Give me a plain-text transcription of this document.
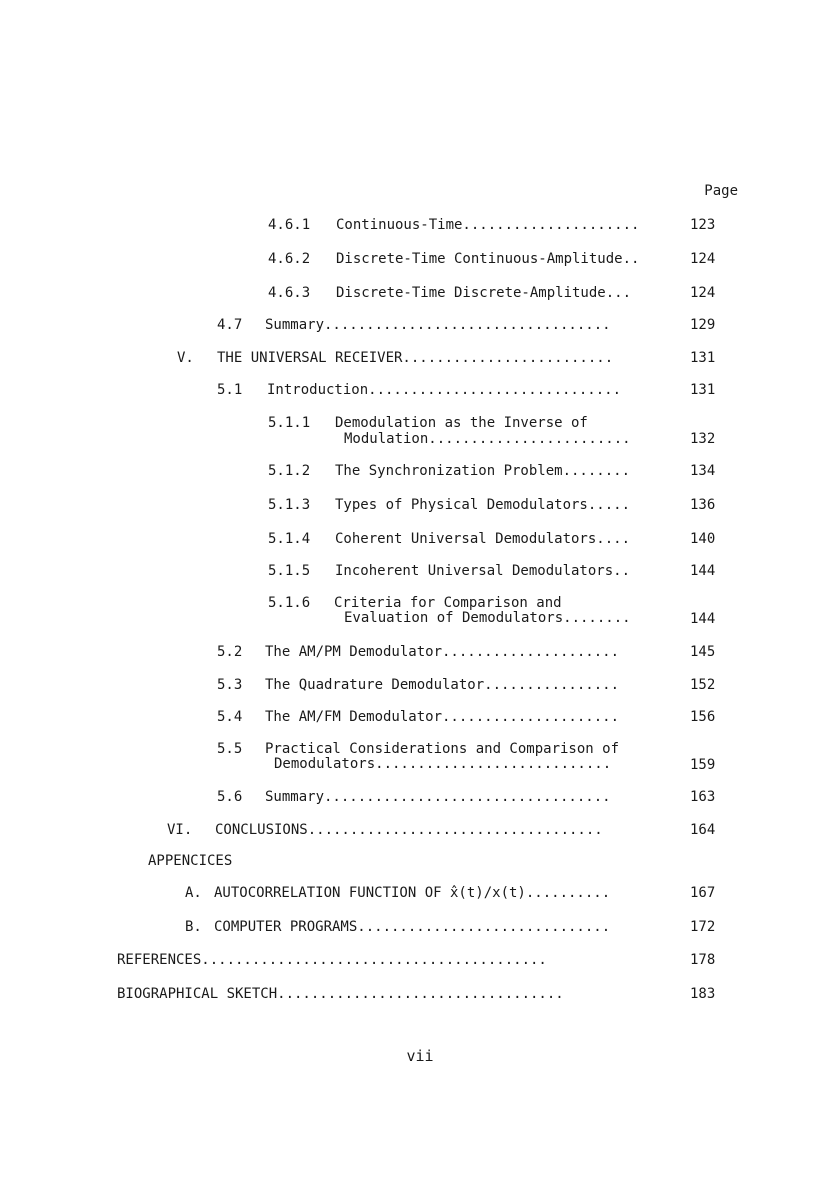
Page
4.6.1 Continuous-Time.....................	123
4.6.2 Discrete-Time Continuous-Amplitude..	124
4.6.3 Discrete-Time Discrete-Amplitude...	124
4.7 Summary..................................	129
V. THE UNIVERSAL RECEIVER.........................	131
5.1 Introduction..............................	131
5.1.1 Demodulation as the Inverse of
Modulation........................	132
5.1.2 The Synchronization Problem........	134
5.1.3 Types of Physical Demodulators.....	136
5.1.4 Coherent Universal Demodulators....	140
5.1.5 Incoherent Universal Demodulators..	144
5.1.6 Criteria for Comparison and
Evaluation of Demodulators........	144
5.2 The AM/PM Demodulator.....................	145
5.3 The Quadrature Demodulator................	152
5.4 The AM/FM Demodulator.....................	156
5.5 Practical Considerations and Comparison of
Demodulators............................	159
5.6 Summary..................................	163
VI. CONCLUSIONS...................................	164
APPENCICES
A. AUTOCORRELATION FUNCTION OF x̂(t)/x(t)..........	167
B. COMPUTER PROGRAMS..............................	172
REFERENCES.........................................	178
BIOGRAPHICAL SKETCH..................................	183
vii
